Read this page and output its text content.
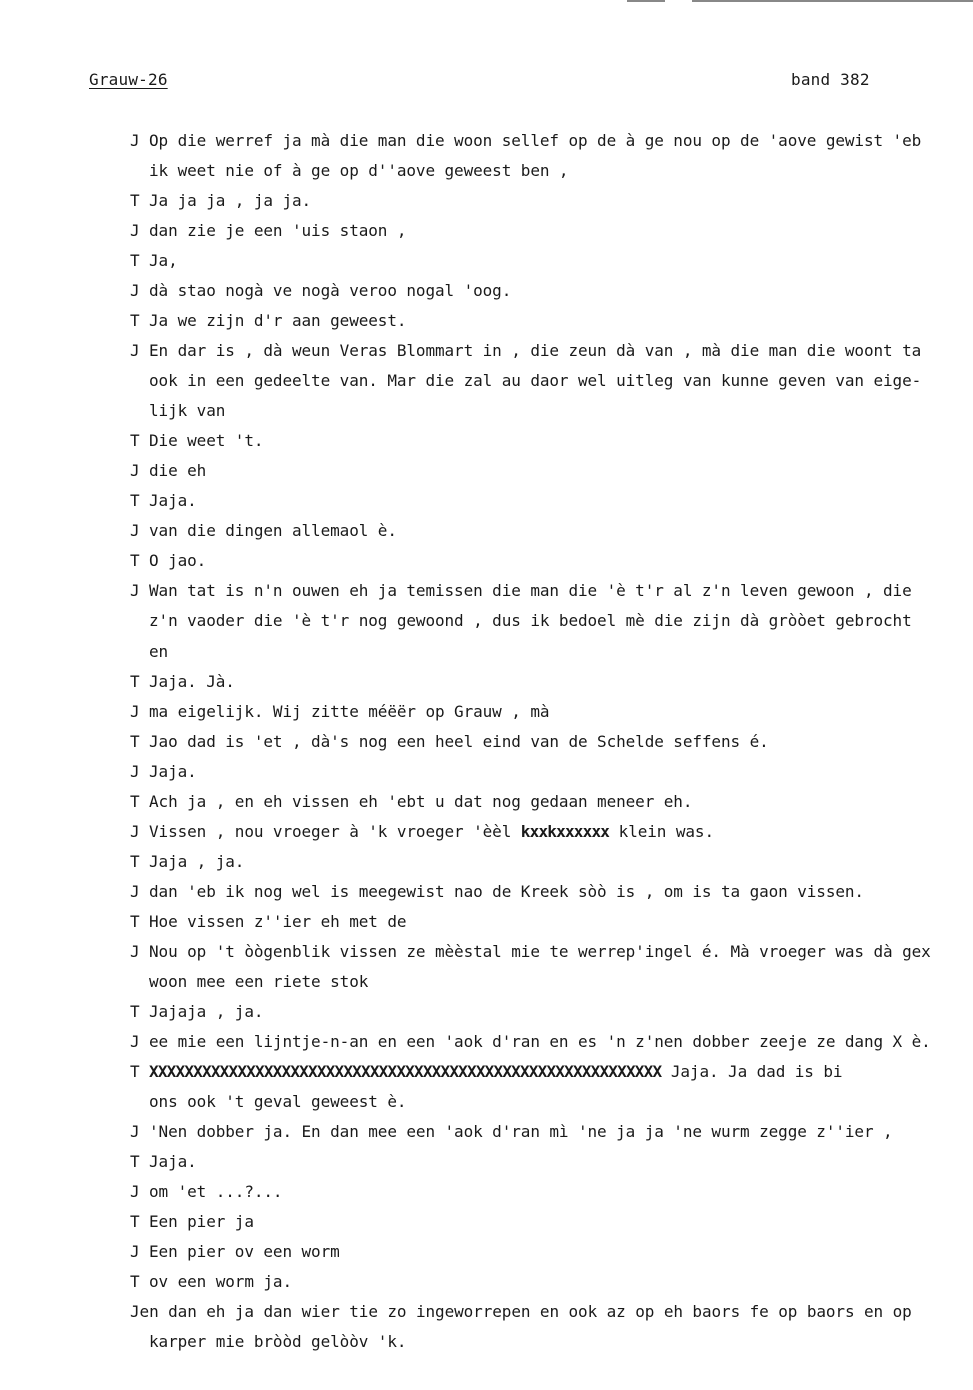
Grauw-26	band 382
J Op die werref ja mà die man die woon sellef op de à ge nou op de 'aove gewist 'eb
ik weet nie of à ge op d''aove geweest ben ,
T Ja ja ja , ja ja.
J dan zie je een 'uis staon ,
T Ja,
J dà stao nogà ve nogà veroo nogal 'oog.
T Ja we zijn d'r aan geweest.
J En dar is , dà weun Veras Blommart in , die zeun dà van , mà die man die woont ta
ook in een gedeelte van. Mar die zal au daor wel uitleg van kunne geven van eige-
lijk van
T Die weet 't.
J die eh
T Jaja.
J van die dingen allemaol è.
T O jao.
J Wan tat is n'n ouwen eh ja temissen die man die 'è t'r al z'n leven gewoon , die
z'n vaoder die 'è t'r nog gewoond , dus ik bedoel mè die zijn dà gròòet gebrocht
en
T Jaja. Jà.
J ma eigelijk. Wij zitte méëër op Grauw , mà
T Jao dad is 'et , dà's nog een heel eind van de Schelde seffens é.
J Jaja.
T Ach ja , en eh vissen eh 'ebt u dat nog gedaan meneer eh.
J Vissen , nou vroeger à 'k vroeger 'èèl kxxkxxxxxx klein was.
T Jaja , ja.
J dan 'eb ik nog wel is meegewist nao de Kreek sòò is , om is ta gaon vissen.
T Hoe vissen z''ier eh met de
J Nou op 't òògenblik vissen ze mèèstal mie te werrep'ingel é. Mà vroeger was dà gex
woon mee een riete stok
T Jajaja , ja.
J ee mie een lijntje-n-an en een 'aok d'ran en es 'n z'nen dobber zeeje ze dang X è.
T XXXXXXXXXXXXXXXXXXXXXXXXXXXXXXXXXXXXXXXXXXXXXXXXXXXXXXXXXX Jaja. Ja dad is bi
ons ook 't geval geweest è.
J 'Nen dobber ja. En dan mee een 'aok d'ran mì 'ne ja ja 'ne wurm zegge z''ier ,
T Jaja.
J om 'et ...?...
T Een pier ja
J Een pier ov een worm
T ov een worm ja.
Jen dan eh ja dan wier tie zo ingeworrepen en ook az op eh baors fe op baors en op
karper mie bròòd gelòòv 'k.
